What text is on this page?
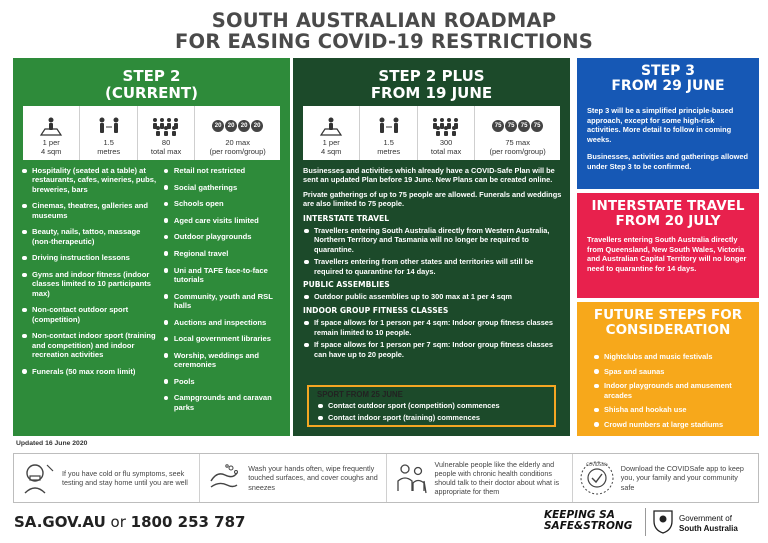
SOUTH AUSTRALIAN ROADMAP
FOR EASING COVID-19 RESTRICTIONS
STEP 2
(CURRENT)
1 per
4 sqm
1.5
metres
80
total max
20	20	20	20
20 max
(per room/group)
Hospitality (seated at a table) at restaurants, cafes, wineries, pubs, breweries, bars
Cinemas, theatres, galleries and museums
Beauty, nails, tattoo, massage (non-therapeutic)
Driving instruction lessons
Gyms and indoor fitness (indoor classes limited to 10 participants max)
Non-contact outdoor sport (competition)
Non-contact indoor sport (training and competition) and indoor recreation activities
Funerals (50 max room limit)
Retail not restricted
Social gatherings
Schools open
Aged care visits limited
Outdoor playgrounds
Regional travel
Uni and TAFE face-to-face tutorials
Community, youth and RSL halls
Auctions and inspections
Local government libraries
Worship, weddings and ceremonies
Pools
Campgrounds and caravan parks
STEP 2 PLUS
FROM 19 JUNE
1 per
4 sqm
1.5
metres
300
total max
75	75	75	75
75 max
(per room/group)

Businesses and activities which already have a COVID-Safe Plan will be sent an updated Plan before 19 June. New Plans can be created online.

Private gatherings of up to 75 people are allowed. Funerals and weddings are also limited to 75 people.

INTERSTATE TRAVEL
Travellers entering South Australia directly from Western Australia, Northern Territory and Tasmania will no longer be required to quarantine.
Travellers entering from other states and territories will still be required to quarantine for 14 days.
PUBLIC ASSEMBLIES
Outdoor public assemblies up to 300 max at 1 per 4 sqm
INDOOR GROUP FITNESS CLASSES
If space allows for 1 person per 4 sqm: Indoor group fitness classes remain limited to 10 people.
If space allows for 1 person per 7 sqm: Indoor group fitness classes can have up to 20 people.
SPORT FROM 25 JUNE
Contact outdoor sport (competition) commences
Contact indoor sport (training) commences
STEP 3
FROM 29 JUNE
Step 3 will be a simplified principle-based approach, except for some high-risk activities. More detail to follow in coming weeks.
Businesses, activities and gatherings allowed under Step 3 to be confirmed.
INTERSTATE TRAVEL
FROM 20 JULY
Travellers entering South Australia directly from Queensland, New South Wales, Victoria and Australian Capital Territory will no longer need to quarantine for 14 days.
FUTURE STEPS FOR
CONSIDERATION
Nightclubs and music festivals
Spas and saunas
Indoor playgrounds and amusement arcades
Shisha and hookah use
Crowd numbers at large stadiums
Updated 16 June 2020
If you have cold or flu symptoms, seek testing and stay home until you are well
Wash your hands often, wipe frequently touched surfaces, and cover coughs and sneezes
Vulnerable people like the elderly and people with chronic health conditions should talk to their doctor about what is appropriate for them
COVIDSafe Download the COVIDSafe app to keep you, your family and your community safe
SA.GOV.AU or 1800 253 787	KEEPING SA
SAFE&STRONG
Government of
South Australia
